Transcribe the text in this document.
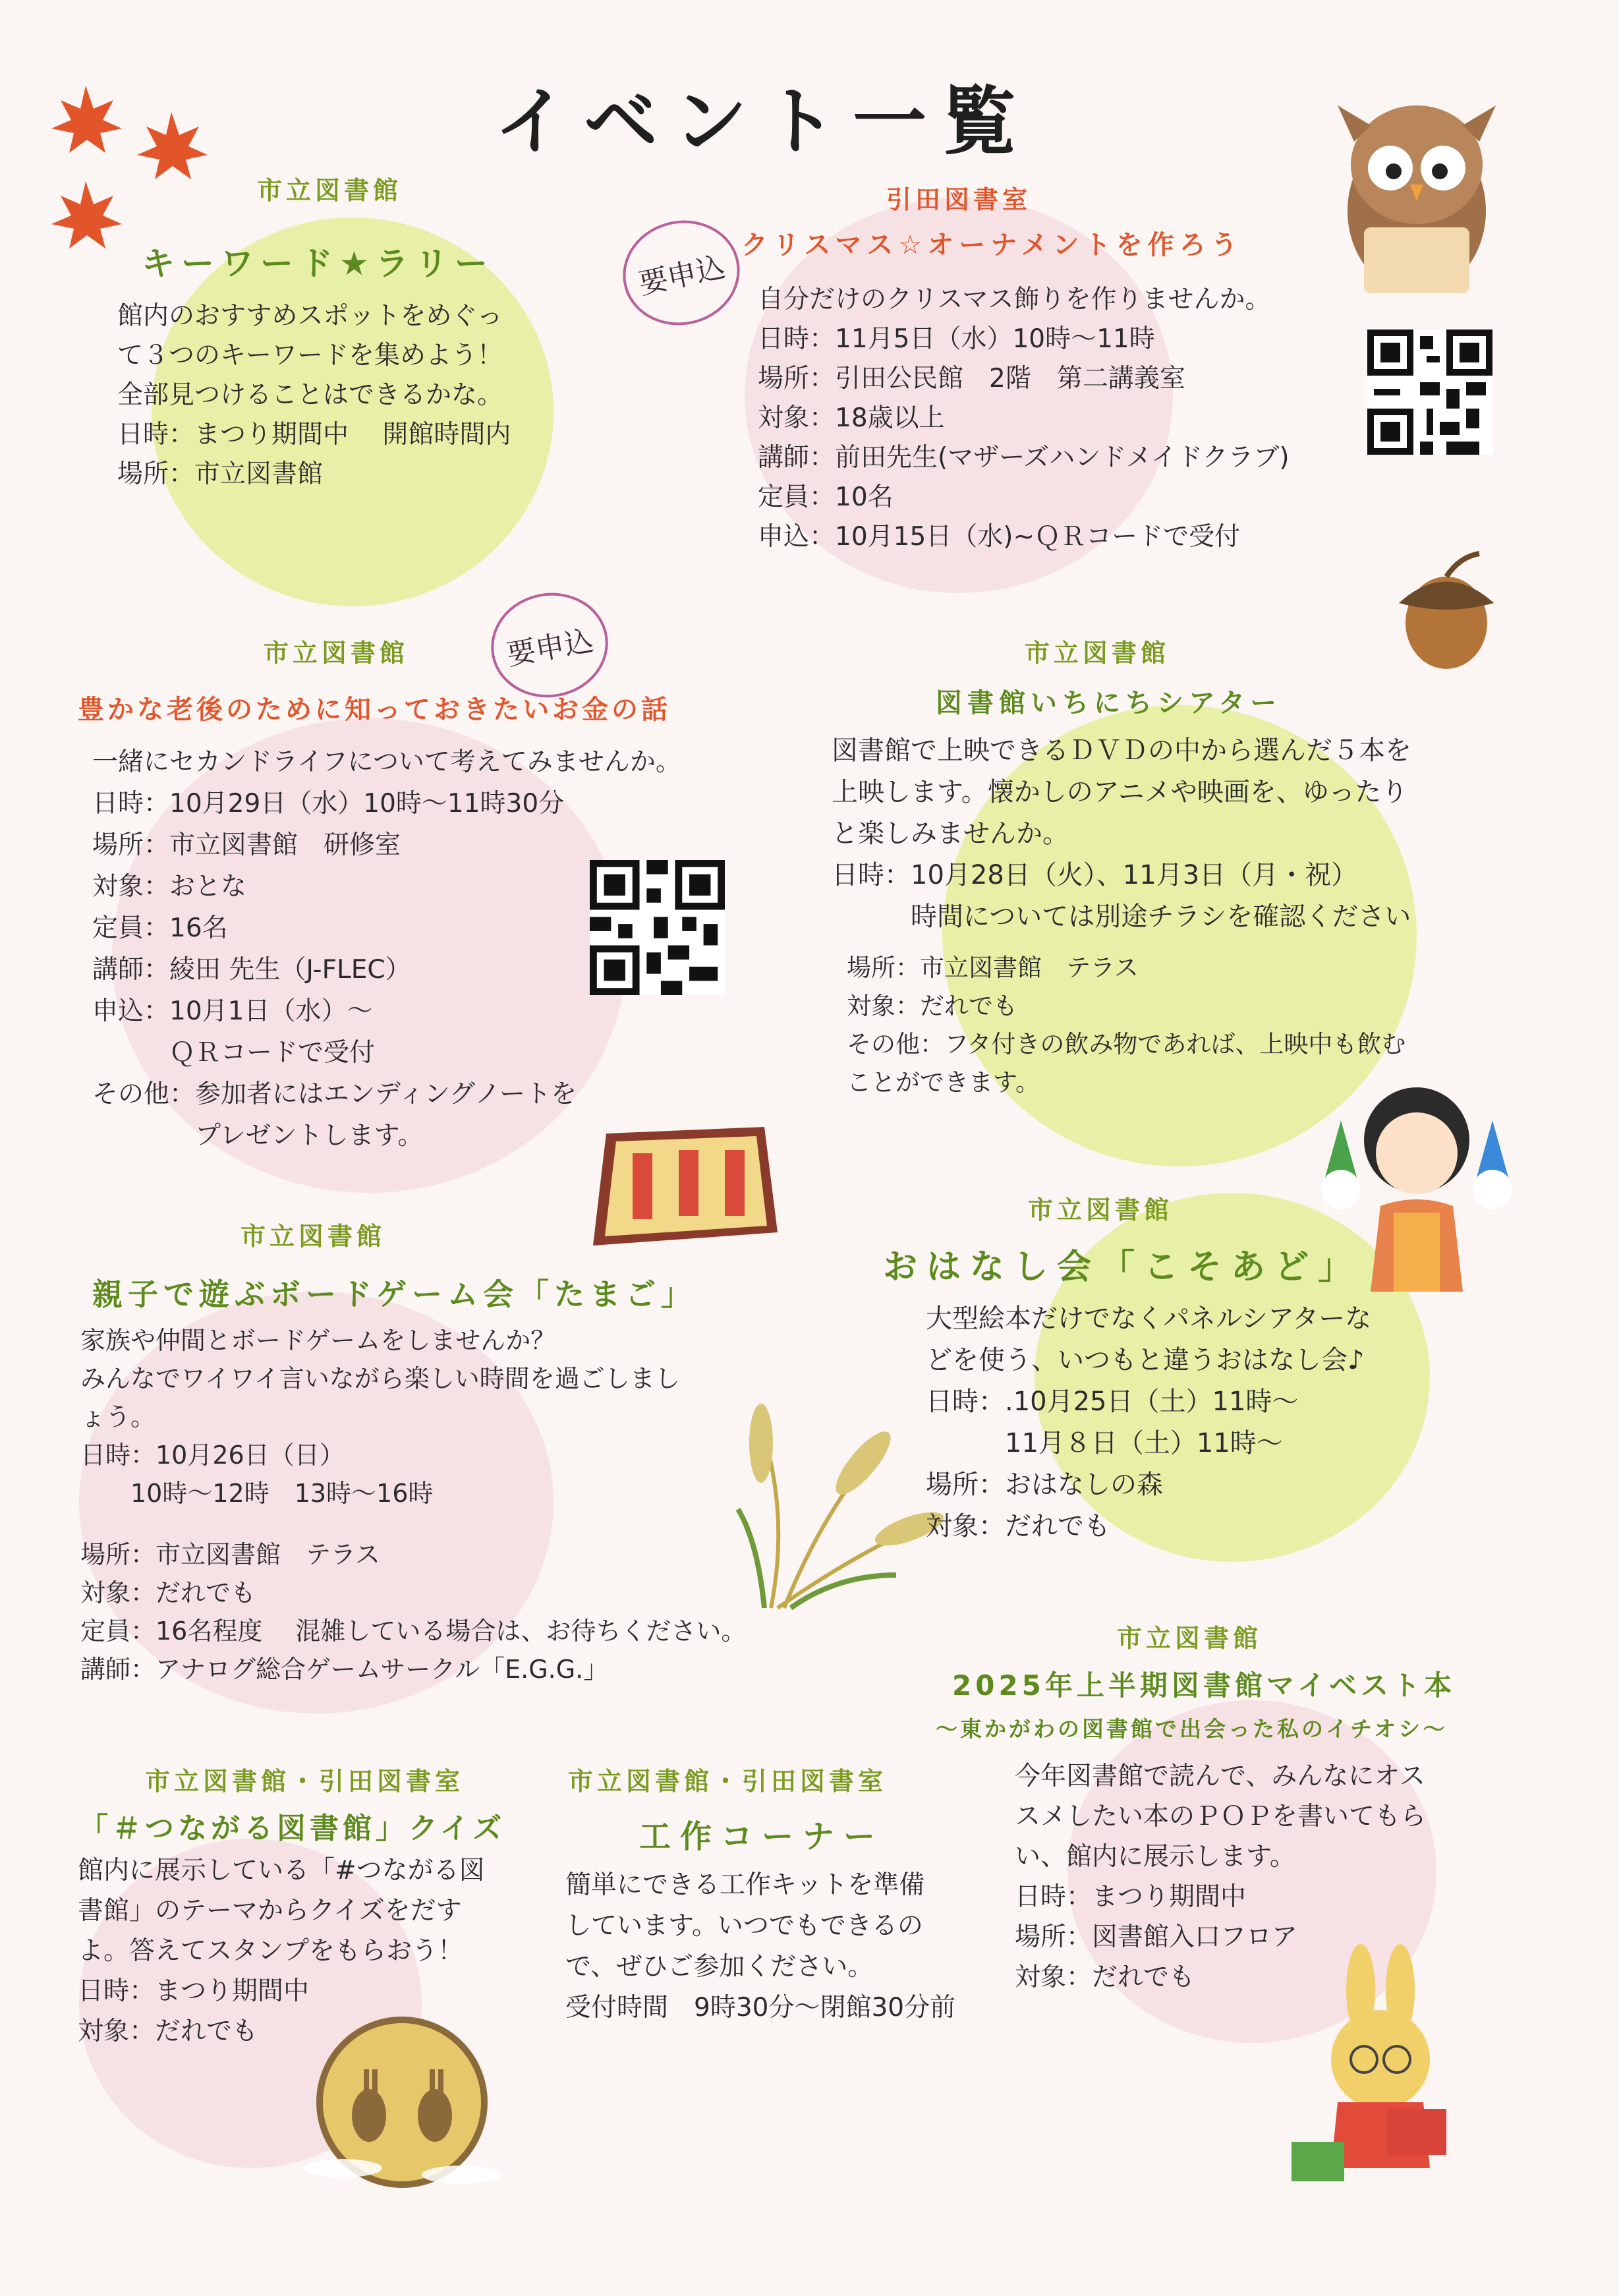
イベント一覧
市立図書館
キーワード★ラリー
館内のおすすめスポットをめぐっ
て３つのキーワードを集めよう！
全部見つけることはできるかな。
日時：まつり期間中　 開館時間内
場所：市立図書館
引田図書室
要申込
クリスマス☆オーナメントを作ろう
自分だけのクリスマス飾りを作りませんか。
日時：11月5日（水）10時～11時
場所：引田公民館　2階　第二講義室
対象：18歳以上
講師：前田先生(マザーズハンドメイドクラブ)
定員：10名
申込：10月15日（水)~ＱＲコードで受付
市立図書館	要申込
豊かな老後のために知っておきたいお金の話
一緒にセカンドライフについて考えてみませんか。
日時：10月29日（水）10時～11時30分
場所：市立図書館　研修室
対象：おとな
定員：16名
講師：綾田 先生（J-FLEC）
申込：10月1日（水）～
　　　ＱＲコードで受付
その他：参加者にはエンディングノートを
　　　　プレゼントします。
市立図書館
図書館いちにちシアター
図書館で上映できるＤＶＤの中から選んだ５本を
上映します。懐かしのアニメや映画を、ゆったり
と楽しみませんか。
日時：10月28日（火）、11月3日（月・祝）
　　　時間については別途チラシを確認ください
場所：市立図書館　テラス
対象：だれでも
その他：フタ付きの飲み物であれば、上映中も飲む
ことができます。
市立図書館
親子で遊ぶボードゲーム会「たまご」
家族や仲間とボードゲームをしませんか？
みんなでワイワイ言いながら楽しい時間を過ごしまし
ょう。
日時：10月26日（日）
　　10時～12時　13時～16時
場所：市立図書館　テラス
対象：だれでも
定員：16名程度　 混雑している場合は、お待ちください。
講師：アナログ総合ゲームサークル「E.G.G.」
市立図書館
おはなし会「こそあど」
大型絵本だけでなくパネルシアターな
どを使う、いつもと違うおはなし会♪
日時：.10月25日（土）11時～
　　　11月８日（土）11時～
場所：おはなしの森
対象：だれでも
市立図書館
2025年上半期図書館マイベスト本
～東かがわの図書館で出会った私のイチオシ～
今年図書館で読んで、みんなにオス
スメしたい本のＰＯＰを書いてもら
い、館内に展示します。
日時：まつり期間中
場所：図書館入口フロア
対象：だれでも
市立図書館・引田図書室
「＃つながる図書館」クイズ
館内に展示している「#つながる図
書館」のテーマからクイズをだす
よ。答えてスタンプをもらおう！
日時：まつり期間中
対象：だれでも
市立図書館・引田図書室
工作コーナー
簡単にできる工作キットを準備
しています。いつでもできるの
で、ぜひご参加ください。
受付時間　9時30分～閉館30分前
